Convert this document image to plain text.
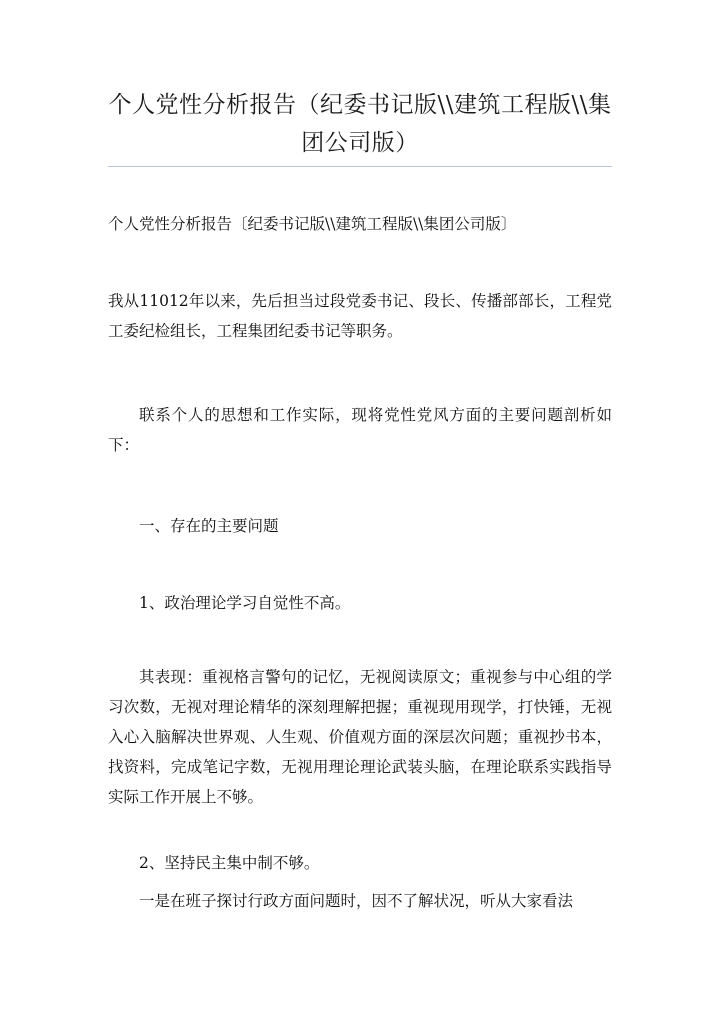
个人党性分析报告（纪委书记版\\建筑工程版\\集团公司版）

个人党性分析报告〔纪委书记版\\建筑工程版\\集团公司版〕

我从11012年以来，先后担当过段党委书记、段长、传播部部长，工程党工委纪检组长，工程集团纪委书记等职务。

联系个人的思想和工作实际，现将党性党风方面的主要问题剖析如下：

一、存在的主要问题

1、政治理论学习自觉性不高。

其表现：重视格言警句的记忆，无视阅读原文；重视参与中心组的学习次数，无视对理论精华的深刻理解把握；重视现用现学，打快锤，无视入心入脑解决世界观、人生观、价值观方面的深层次问题；重视抄书本，找资料，完成笔记字数，无视用理论理论武装头脑，在理论联系实践指导实际工作开展上不够。

2、坚持民主集中制不够。

一是在班子探讨行政方面问题时，因不了解状况，听从大家看法
